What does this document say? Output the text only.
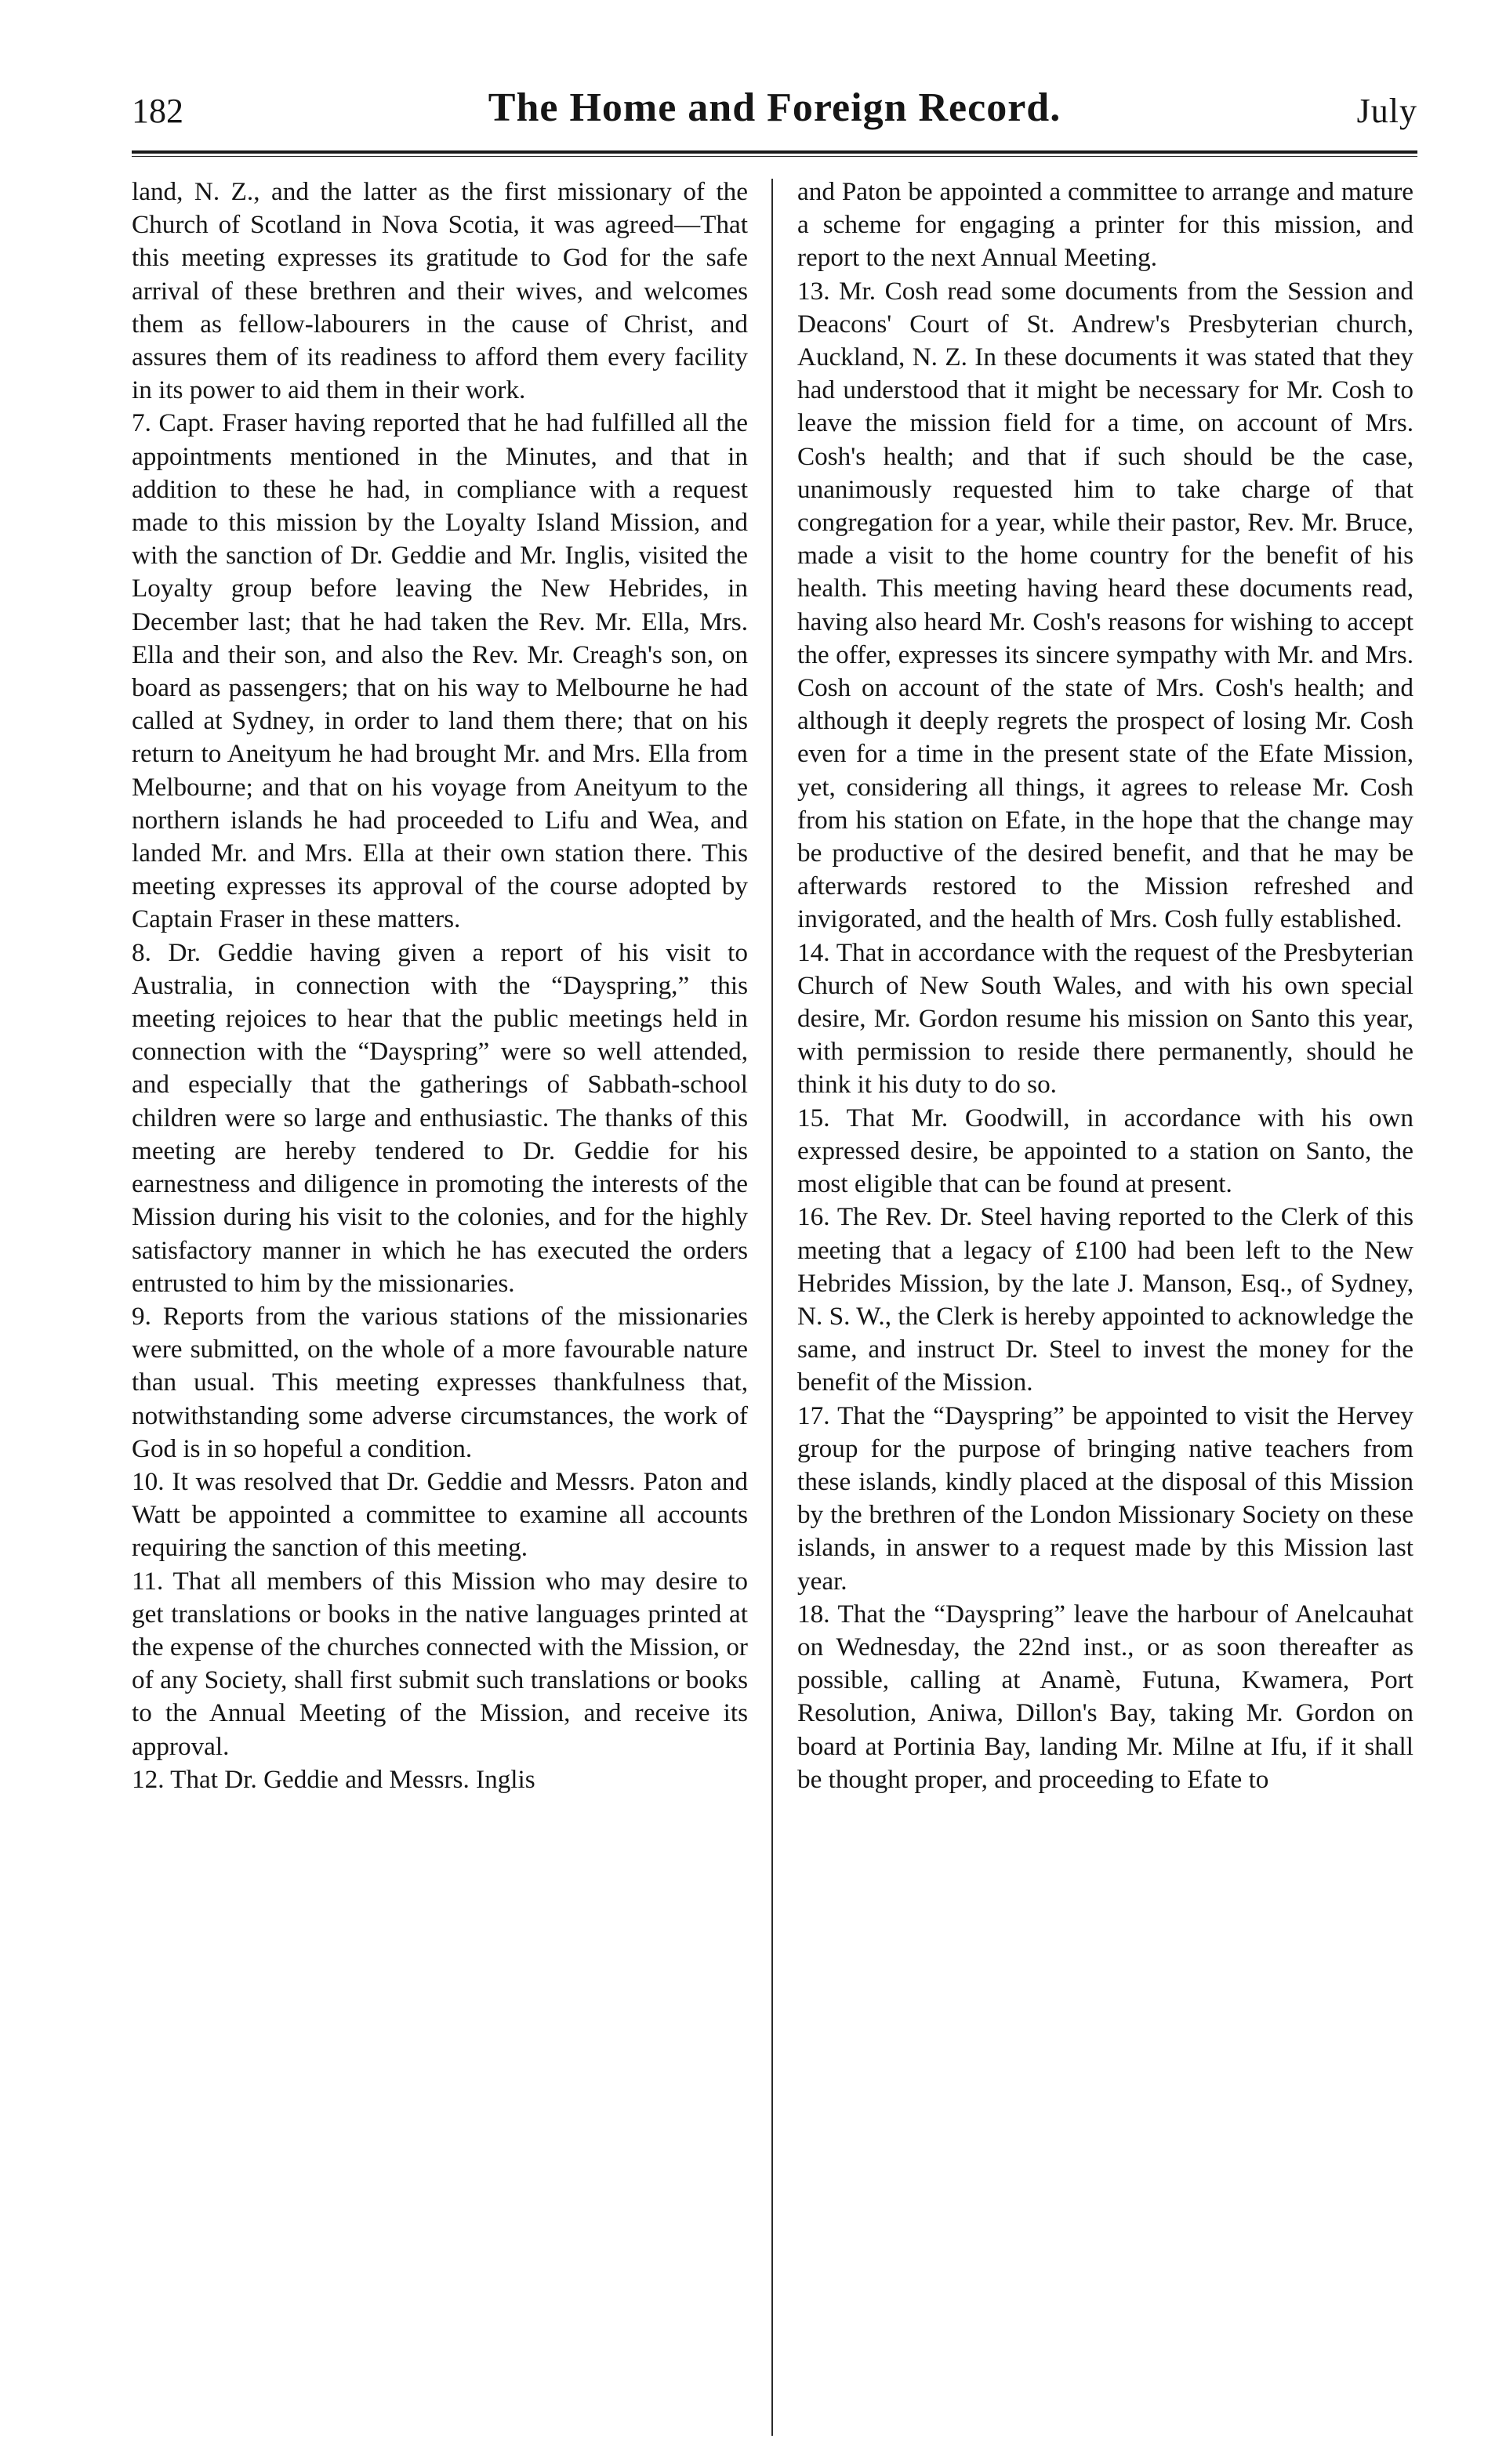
182	The Home and Foreign Record.	July

land, N. Z., and the latter as the first missionary of the Church of Scotland in Nova Scotia, it was agreed—That this meeting expresses its gratitude to God for the safe arrival of these brethren and their wives, and welcomes them as fellow-labourers in the cause of Christ, and assures them of its readiness to afford them every facility in its power to aid them in their work.

7. Capt. Fraser having reported that he had fulfilled all the appointments mentioned in the Minutes, and that in addition to these he had, in compliance with a request made to this mission by the Loyalty Island Mission, and with the sanction of Dr. Geddie and Mr. Inglis, visited the Loyalty group before leaving the New Hebrides, in December last; that he had taken the Rev. Mr. Ella, Mrs. Ella and their son, and also the Rev. Mr. Creagh's son, on board as passengers; that on his way to Melbourne he had called at Sydney, in order to land them there; that on his return to Aneityum he had brought Mr. and Mrs. Ella from Melbourne; and that on his voyage from Aneityum to the northern islands he had proceeded to Lifu and Wea, and landed Mr. and Mrs. Ella at their own station there. This meeting expresses its approval of the course adopted by Captain Fraser in these matters.

8. Dr. Geddie having given a report of his visit to Australia, in connection with the “Dayspring,” this meeting rejoices to hear that the public meetings held in connection with the “Dayspring” were so well attended, and especially that the gatherings of Sabbath-school children were so large and enthusiastic. The thanks of this meeting are hereby tendered to Dr. Geddie for his earnestness and diligence in promoting the interests of the Mission during his visit to the colonies, and for the highly satisfactory manner in which he has executed the orders entrusted to him by the missionaries.

9. Reports from the various stations of the missionaries were submitted, on the whole of a more favourable nature than usual. This meeting expresses thankfulness that, notwithstanding some adverse circumstances, the work of God is in so hopeful a condition.

10. It was resolved that Dr. Geddie and Messrs. Paton and Watt be appointed a committee to examine all accounts requiring the sanction of this meeting.

11. That all members of this Mission who may desire to get translations or books in the native languages printed at the expense of the churches connected with the Mission, or of any Society, shall first submit such translations or books to the Annual Meeting of the Mission, and receive its approval.

12. That Dr. Geddie and Messrs. Inglis

and Paton be appointed a committee to arrange and mature a scheme for engaging a printer for this mission, and report to the next Annual Meeting.

13. Mr. Cosh read some documents from the Session and Deacons' Court of St. Andrew's Presbyterian church, Auckland, N. Z. In these documents it was stated that they had understood that it might be necessary for Mr. Cosh to leave the mission field for a time, on account of Mrs. Cosh's health; and that if such should be the case, unanimously requested him to take charge of that congregation for a year, while their pastor, Rev. Mr. Bruce, made a visit to the home country for the benefit of his health. This meeting having heard these documents read, having also heard Mr. Cosh's reasons for wishing to accept the offer, expresses its sincere sympathy with Mr. and Mrs. Cosh on account of the state of Mrs. Cosh's health; and although it deeply regrets the prospect of losing Mr. Cosh even for a time in the present state of the Efate Mission, yet, considering all things, it agrees to release Mr. Cosh from his station on Efate, in the hope that the change may be productive of the desired benefit, and that he may be afterwards restored to the Mission refreshed and invigorated, and the health of Mrs. Cosh fully established.

14. That in accordance with the request of the Presbyterian Church of New South Wales, and with his own special desire, Mr. Gordon resume his mission on Santo this year, with permission to reside there permanently, should he think it his duty to do so.

15. That Mr. Goodwill, in accordance with his own expressed desire, be appointed to a station on Santo, the most eligible that can be found at present.

16. The Rev. Dr. Steel having reported to the Clerk of this meeting that a legacy of £100 had been left to the New Hebrides Mission, by the late J. Manson, Esq., of Sydney, N. S. W., the Clerk is hereby appointed to acknowledge the same, and instruct Dr. Steel to invest the money for the benefit of the Mission.

17. That the “Dayspring” be appointed to visit the Hervey group for the purpose of bringing native teachers from these islands, kindly placed at the disposal of this Mission by the brethren of the London Missionary Society on these islands, in answer to a request made by this Mission last year.

18. That the “Dayspring” leave the harbour of Anelcauhat on Wednesday, the 22nd inst., or as soon thereafter as possible, calling at Anamè, Futuna, Kwamera, Port Resolution, Aniwa, Dillon's Bay, taking Mr. Gordon on board at Portinia Bay, landing Mr. Milne at Ifu, if it shall be thought proper, and proceeding to Efate to
